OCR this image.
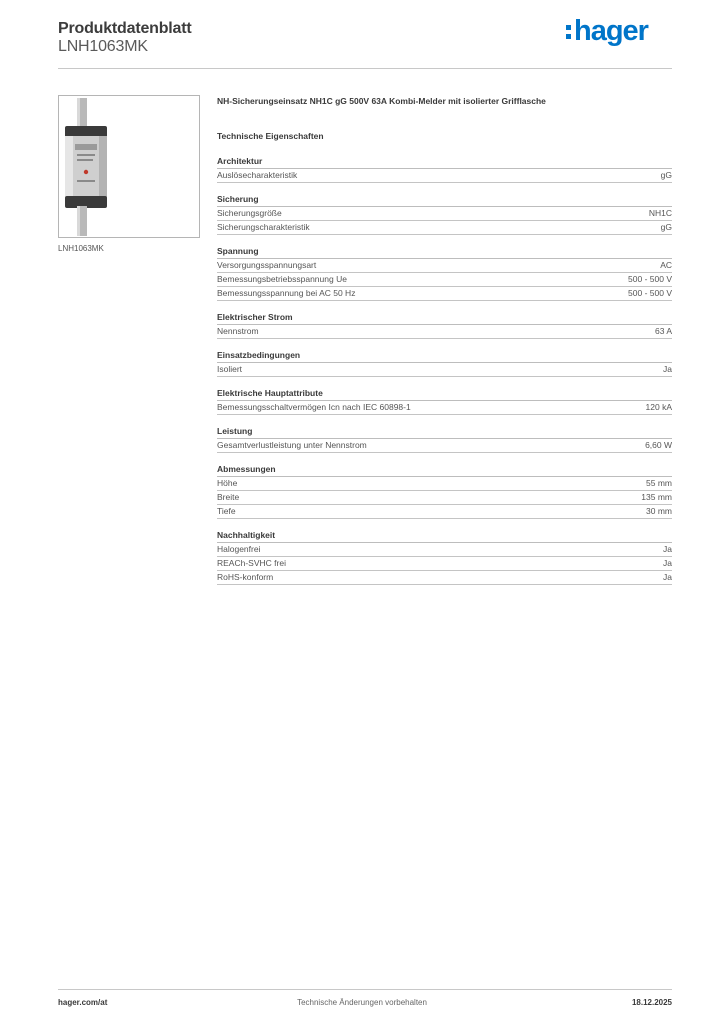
Produktdatenblatt
LNH1063MK	hager
LNH1063MK
NH-Sicherungseinsatz NH1C gG 500V 63A Kombi-Melder mit isolierter Grifflasche
Technische Eigenschaften
Architektur
Auslösecharakteristik	gG
Sicherung
Sicherungsgröße	NH1C
Sicherungscharakteristik	gG
Spannung
Versorgungsspannungsart	AC
Bemessungsbetriebsspannung Ue	500 - 500 V
Bemessungsspannung bei AC 50 Hz	500 - 500 V
Elektrischer Strom
Nennstrom	63 A
Einsatzbedingungen
Isoliert	Ja
Elektrische Hauptattribute
Bemessungsschaltvermögen Icn nach IEC 60898-1	120 kA
Leistung
Gesamtverlustleistung unter Nennstrom	6,60 W
Abmessungen
Höhe	55 mm
Breite	135 mm
Tiefe	30 mm
Nachhaltigkeit
Halogenfrei	Ja
REACh-SVHC frei	Ja
RoHS-konform	Ja
hager.com/at	Technische Änderungen vorbehalten	18.12.2025
